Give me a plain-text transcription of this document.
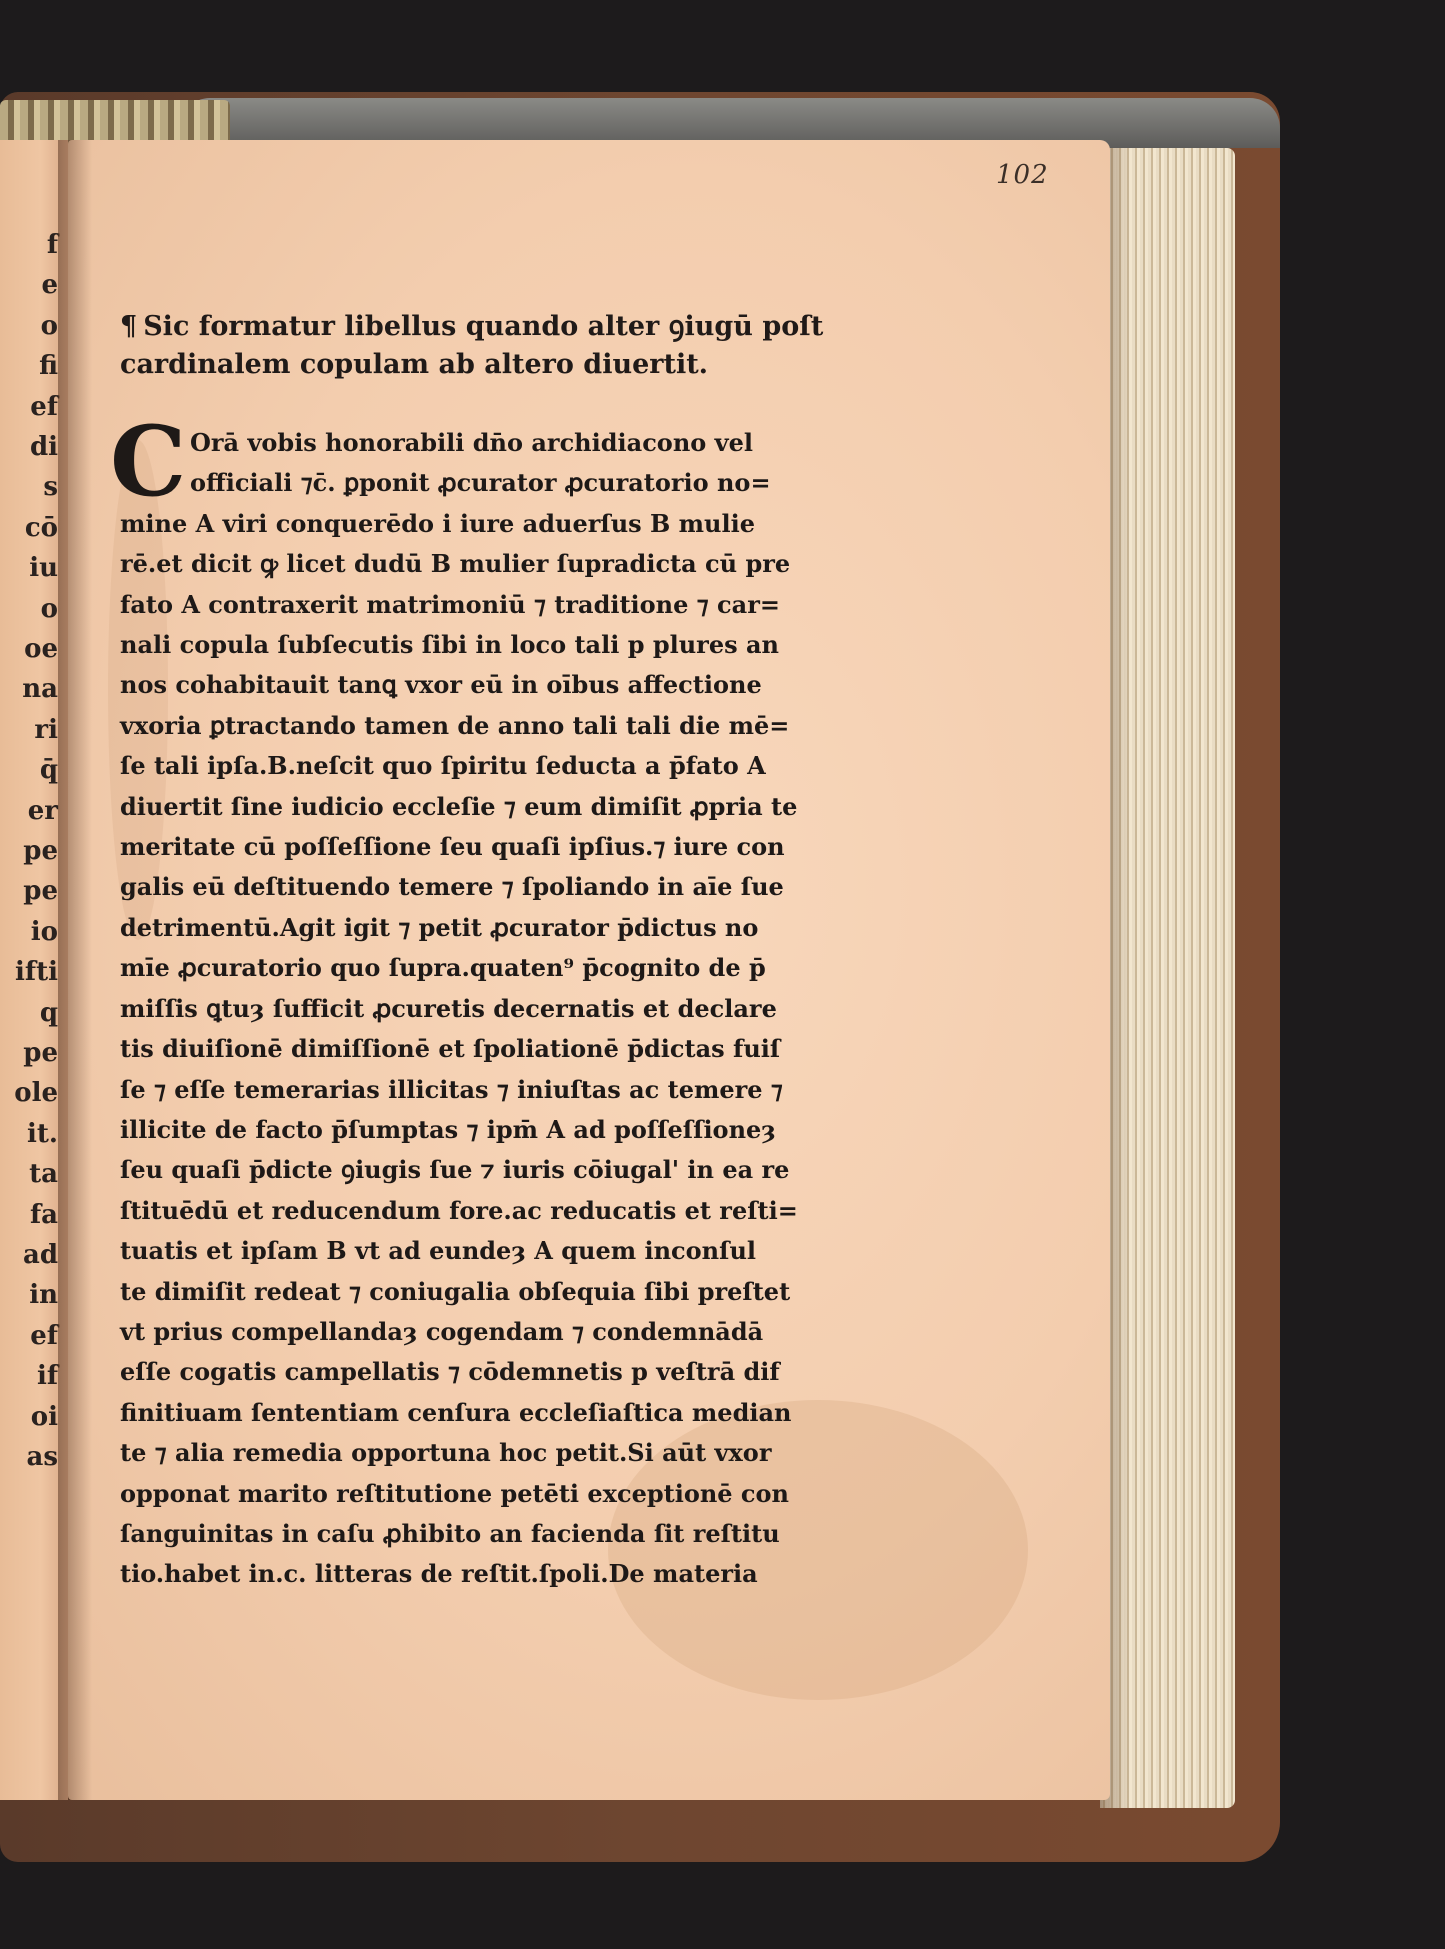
f
e
o
fi
ef
di
s
cō
iu
o
oe
na
ri
q̄
er
pe
pe
io
ifti
q
pe
ole
it.
ta
fa
ad
in
ef
if
oi
as
102
¶ Sic formatur libellus quando alter ꝯiugū poſt
cardinalem copulam ab altero diuertit.
C Orā vobis honorabili dn̄o archidiacono vel
officiali ⁊c̄. ꝑponit ꝓcurator ꝓcuratorio no=
mine A viri conquerēdo i iure aduerſus B mulie
rē.et dicit ꝙ licet dudū B mulier ſupradicta cū pre
fato A contraxerit matrimoniū ⁊ traditione ⁊ car=
nali copula ſubſecutis ſibi in loco tali p plures an
nos cohabitauit tanꝗ vxor eū in oībus affectione
vxoria ꝑtractando tamen de anno tali tali die mē=
ſe tali ipſa.B.neſcit quo ſpiritu ſeducta a p̄fato A
diuertit ſine iudicio eccleſie ⁊ eum dimiſit ꝓpria te
meritate cū poſſeſſione ſeu quaſi ipſius.⁊ iure con
galis eū deſtituendo temere ⁊ ſpoliando in aīe ſue
detrimentū.Agit igit ⁊ petit ꝓcurator p̄dictus no
mīe ꝓcuratorio quo ſupra.quaten⁹ p̄cognito de p̄
miſſis ꝗtuȝ ſufficit ꝓcuretis decernatis et declare
tis diuiſionē dimiſſionē et ſpoliationē p̄dictas fuiſ
ſe ⁊ eſſe temerarias illicitas ⁊ iniuſtas ac temere ⁊
illicite de facto p̄ſumptas ⁊ ipm̄ A ad poſſeſſioneȝ
ſeu quaſi p̄dicte ꝯiugis ſue ⁊ iuris cōiugal' in ea re
ſtituēdū et reducendum fore.ac reducatis et reſti=
tuatis et ipſam B vt ad eundeȝ A quem inconſul
te dimiſit redeat ⁊ coniugalia obſequia ſibi preſtet
vt prius compellandaȝ cogendam ⁊ condemnādā
eſſe cogatis campellatis ⁊ cōdemnetis p veſtrā dif
finitiuam ſententiam cenſura eccleſiaſtica median
te ⁊ alia remedia opportuna hoc petit.Si aūt vxor
opponat marito reſtitutione petēti exceptionē con
ſanguinitas in caſu ꝓhibito an facienda ſit reſtitu
tio.habet in.c. litteras de reſtit.ſpoli.De materia
